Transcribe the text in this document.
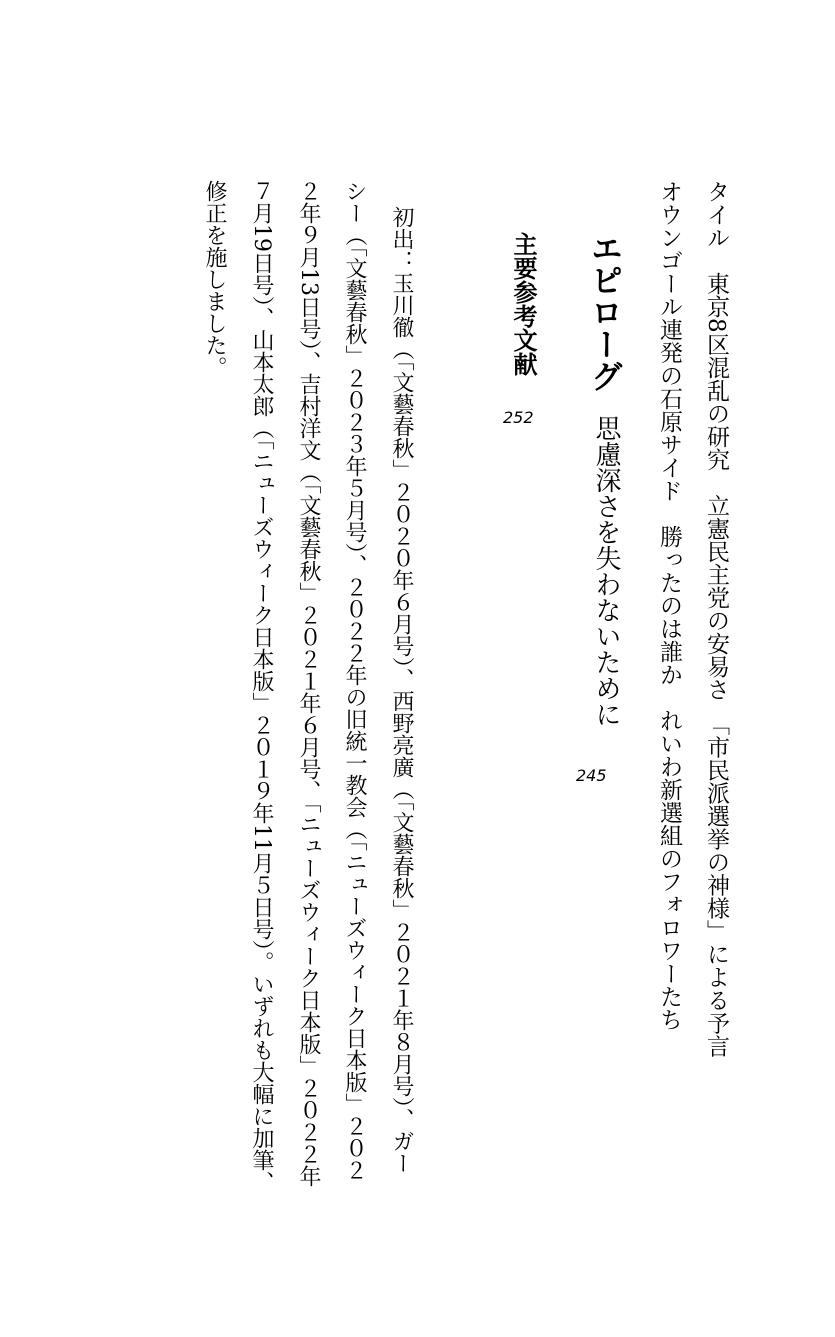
タイル　東京8区混乱の研究　立憲民主党の安易さ　「市民派選挙の神様」による予言
オウンゴール連発の石原サイド　勝ったのは誰か　れいわ新選組のフォロワーたち
エピローグ
思慮深さを失わないために
245
主要参考文献
252
初出：玉川徹（「文藝春秋」２０２０年６月号）、西野亮廣（「文藝春秋」２０２１年８月号）、ガー
シー（「文藝春秋」２０２３年５月号）、２０２２年の旧統一教会（「ニューズウィーク日本版」２０２
２年９月13日号）、吉村洋文（「文藝春秋」２０２１年６月号、「ニューズウィーク日本版」２０２２年
７月19日号）、山本太郎（「ニューズウィーク日本版」２０１９年11月５日号）。いずれも大幅に加筆、
修正を施しました。
